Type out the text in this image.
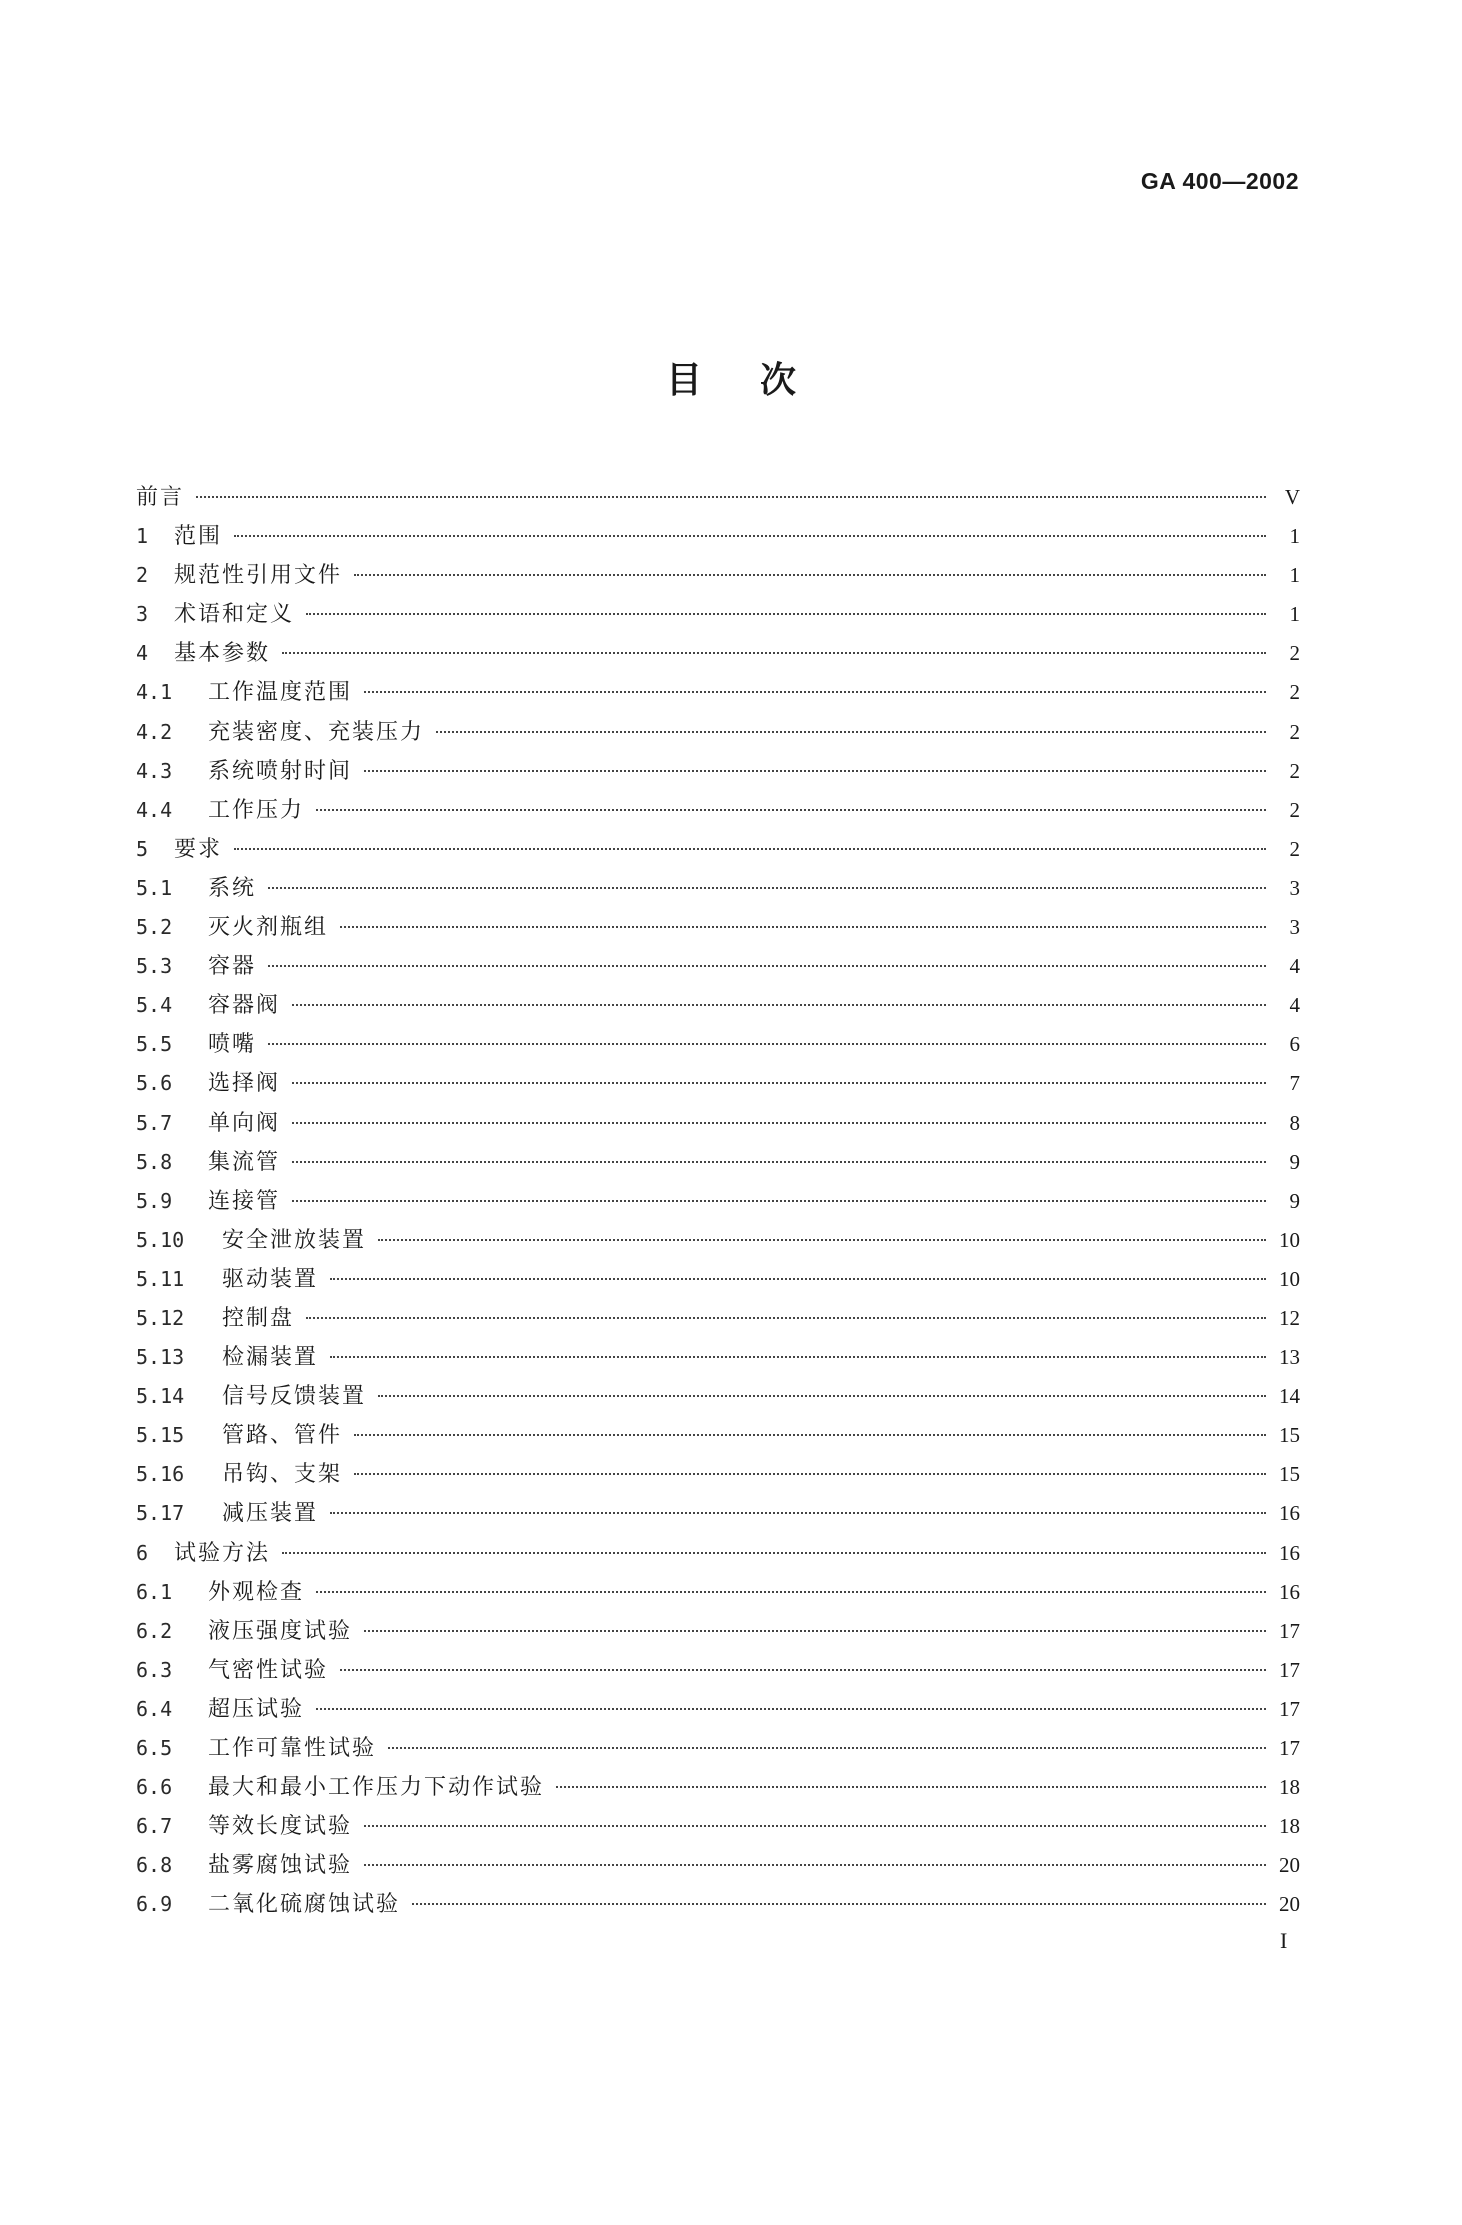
GA 400—2002
目次
前言	V
1	范围	1
2	规范性引用文件	1
3	术语和定义	1
4	基本参数	2
4.1	工作温度范围	2
4.2	充装密度、充装压力	2
4.3	系统喷射时间	2
4.4	工作压力	2
5	要求	2
5.1	系统	3
5.2	灭火剂瓶组	3
5.3	容器	4
5.4	容器阀	4
5.5	喷嘴	6
5.6	选择阀	7
5.7	单向阀	8
5.8	集流管	9
5.9	连接管	9
5.10	安全泄放装置	10
5.11	驱动装置	10
5.12	控制盘	12
5.13	检漏装置	13
5.14	信号反馈装置	14
5.15	管路、管件	15
5.16	吊钩、支架	15
5.17	减压装置	16
6	试验方法	16
6.1	外观检查	16
6.2	液压强度试验	17
6.3	气密性试验	17
6.4	超压试验	17
6.5	工作可靠性试验	17
6.6	最大和最小工作压力下动作试验	18
6.7	等效长度试验	18
6.8	盐雾腐蚀试验	20
6.9	二氧化硫腐蚀试验	20
I
